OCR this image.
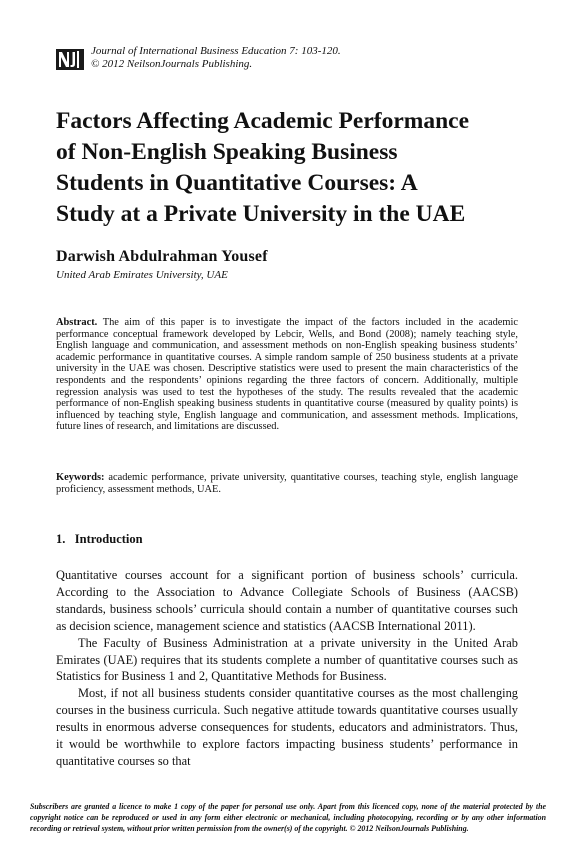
Journal of International Business Education 7: 103-120.
© 2012 NeilsonJournals Publishing.
Factors Affecting Academic Performance
of Non-English Speaking Business
Students in Quantitative Courses: A
Study at a Private University in the UAE
Darwish Abdulrahman Yousef
United Arab Emirates University, UAE

Abstract. The aim of this paper is to investigate the impact of the factors included in the academic performance conceptual framework developed by Lebcir, Wells, and Bond (2008); namely teaching style, English language and communication, and assessment methods on non-English speaking business students’ academic performance in quantitative courses. A simple random sample of 250 business students at a private university in the UAE was chosen. Descriptive statistics were used to present the main characteristics of the respondents and the respondents’ opinions regarding the three factors of concern. Additionally, multiple regression analysis was used to test the hypotheses of the study. The results revealed that the academic performance of non-English speaking business students in quantitative course (measured by quality points) is influenced by teaching style, English language and communication, and assessment methods. Implications, future lines of research, and limitations are discussed.

Keywords: academic performance, private university, quantitative courses, teaching style, english language proficiency, assessment methods, UAE.

1.   Introduction

Quantitative courses account for a significant portion of business schools’ curricula. According to the Association to Advance Collegiate Schools of Business (AACSB) standards, business schools’ curricula should contain a number of quantitative courses such as decision science, management science and statistics (AACSB International 2011).

The Faculty of Business Administration at a private university in the United Arab Emirates (UAE) requires that its students complete a number of quantitative courses such as Statistics for Business 1 and 2, Quantitative Methods for Business.

Most, if not all business students consider quantitative courses as the most challenging courses in the business curricula. Such negative attitude towards quantitative courses usually results in enormous adverse consequences for students, educators and administrators. Thus, it would be worthwhile to explore factors impacting business students’ performance in quantitative courses so that

Subscribers are granted a licence to make 1 copy of the paper for personal use only. Apart from this licenced copy, none of the material protected by the copyright notice can be reproduced or used in any form either electronic or mechanical, including photocopying, recording or by any other information recording or retrieval system, without prior written permission from the owner(s) of the copyright. © 2012 NeilsonJournals Publishing.
